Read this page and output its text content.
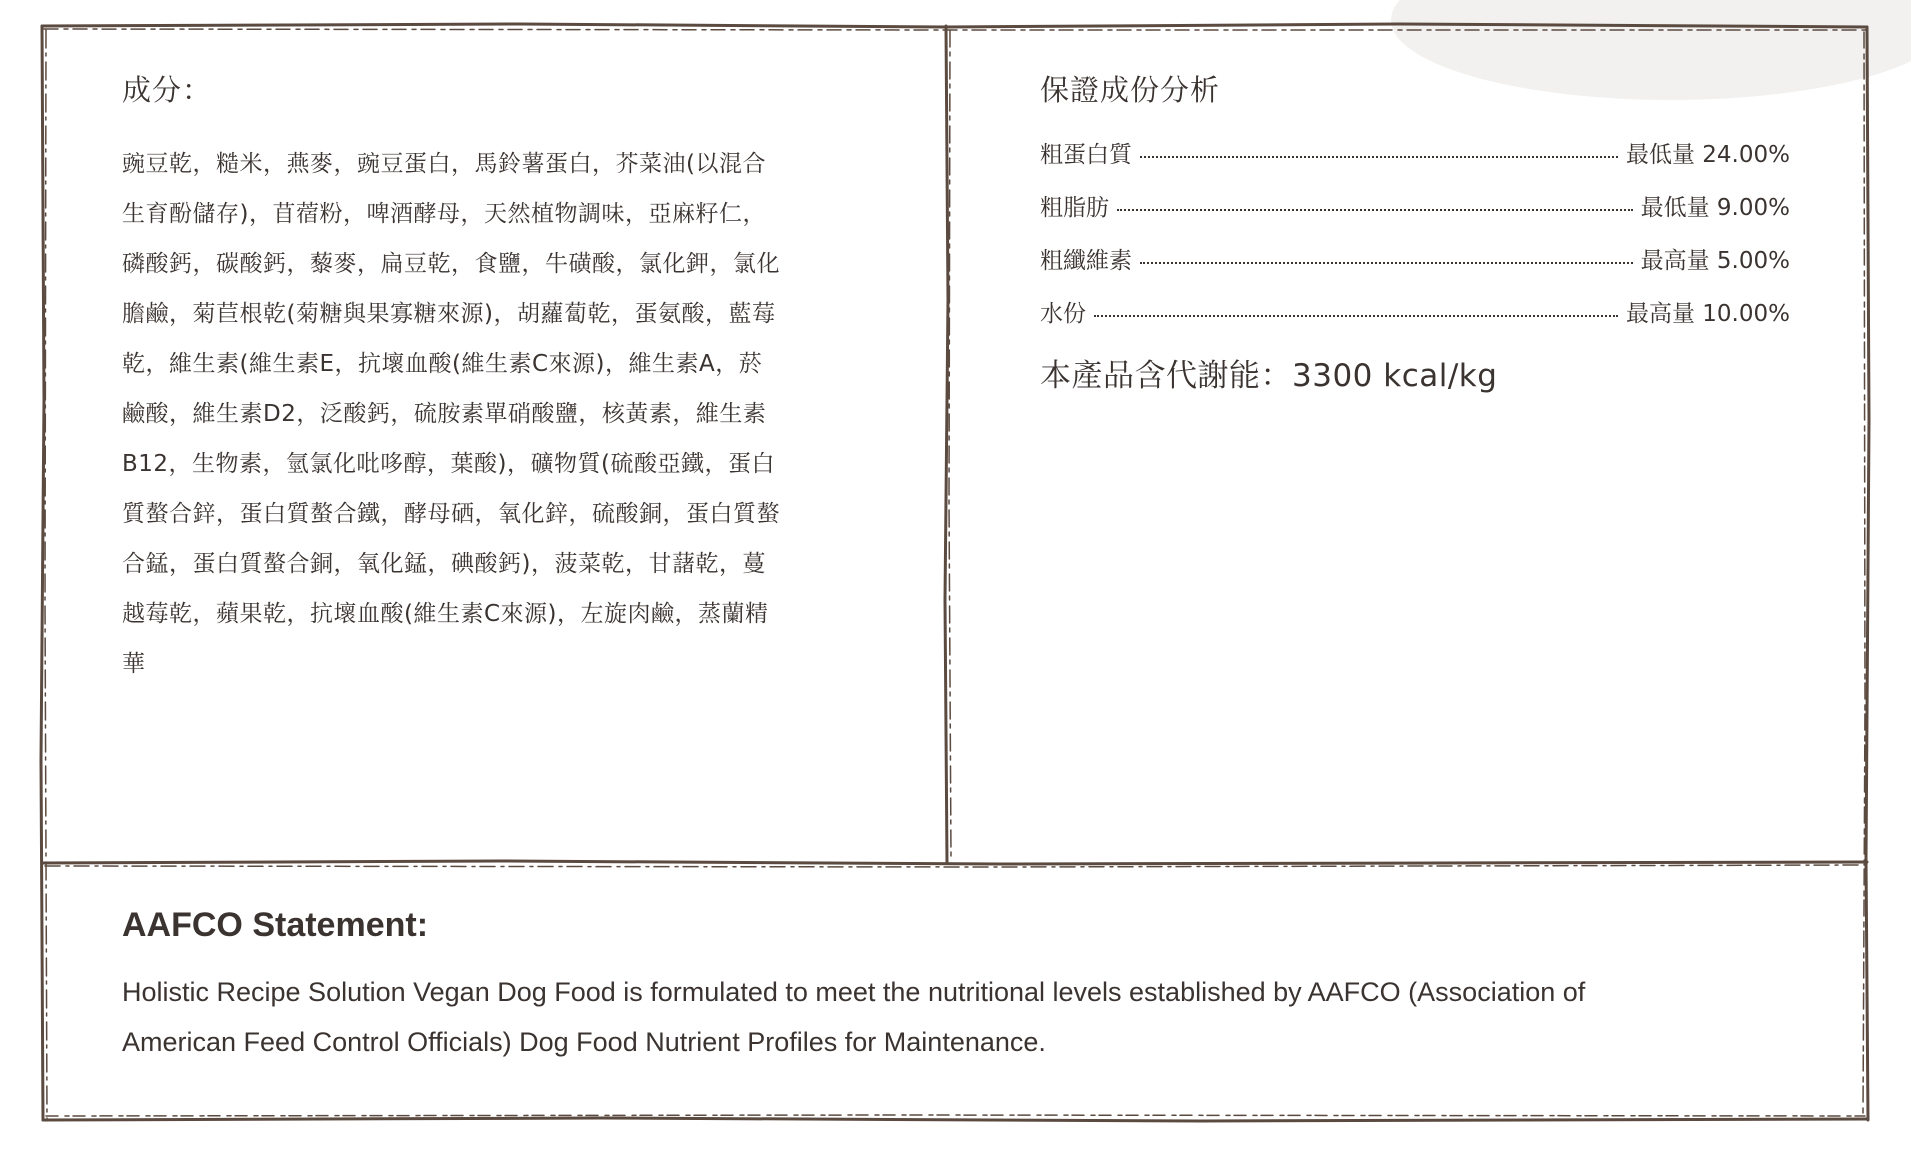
成分：
豌豆乾，糙米，燕麥，豌豆蛋白，馬鈴薯蛋白，芥菜油(以混合
生育酚儲存)，苜蓿粉，啤酒酵母，天然植物調味，亞麻籽仁，
磷酸鈣，碳酸鈣，藜麥，扁豆乾，食鹽，牛磺酸，氯化鉀，氯化
膽鹼，菊苣根乾(菊糖與果寡糖來源)，胡蘿蔔乾，蛋氨酸，藍莓
乾，維生素(維生素E，抗壞血酸(維生素C來源)，維生素A，菸
鹼酸，維生素D2，泛酸鈣，硫胺素單硝酸鹽，核黃素，維生素
B12，生物素，氫氯化吡哆醇，葉酸)，礦物質(硫酸亞鐵，蛋白
質螯合鋅，蛋白質螯合鐵，酵母硒，氧化鋅，硫酸銅，蛋白質螯
合錳，蛋白質螯合銅，氧化錳，碘酸鈣)，菠菜乾，甘藷乾，蔓
越莓乾，蘋果乾，抗壞血酸(維生素C來源)，左旋肉鹼，蒸蘭精
華
保證成份分析
粗蛋白質	最低量 24.00%
粗脂肪	最低量 9.00%
粗纖維素	最高量 5.00%
水份	最高量 10.00%
本產品含代謝能：3300 kcal/kg
AAFCO Statement:
Holistic Recipe Solution Vegan Dog Food is formulated to meet the nutritional levels established by AAFCO (Association of
American Feed Control Officials) Dog Food Nutrient Profiles for Maintenance.
